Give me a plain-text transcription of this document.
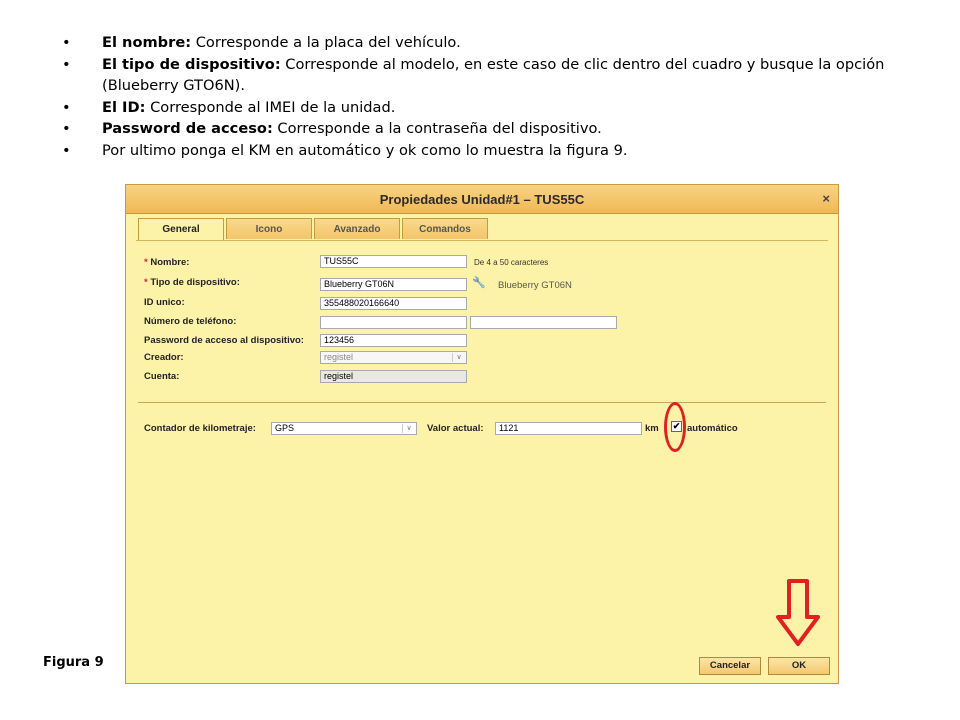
• El nombre: Corresponde a la placa del vehículo.
• El tipo de dispositivo: Corresponde al modelo, en este caso de clic dentro del cuadro y busque la opción (Blueberry GTO6N).
• El ID: Corresponde al IMEI de la unidad.
• Password de acceso: Corresponde a la contraseña del dispositivo.
• Por ultimo ponga el KM en automático y ok como lo muestra la figura 9.
Figura 9
Propiedades Unidad#1 – TUS55C	×
General	Icono	Avanzado	Comandos
* Nombre:	TUS55C	De 4 a 50 caracteres
* Tipo de dispositivo:	Blueberry GT06N	🔧 Blueberry GT06N
ID unico:	355488020166640
Número de teléfono:
Password de acceso al dispositivo:	123456
Creador:	registel	∨
Cuenta:	registel
Contador de kilometraje:	GPS	∨	Valor actual:	1121	km ✔ automático
Cancelar	OK
